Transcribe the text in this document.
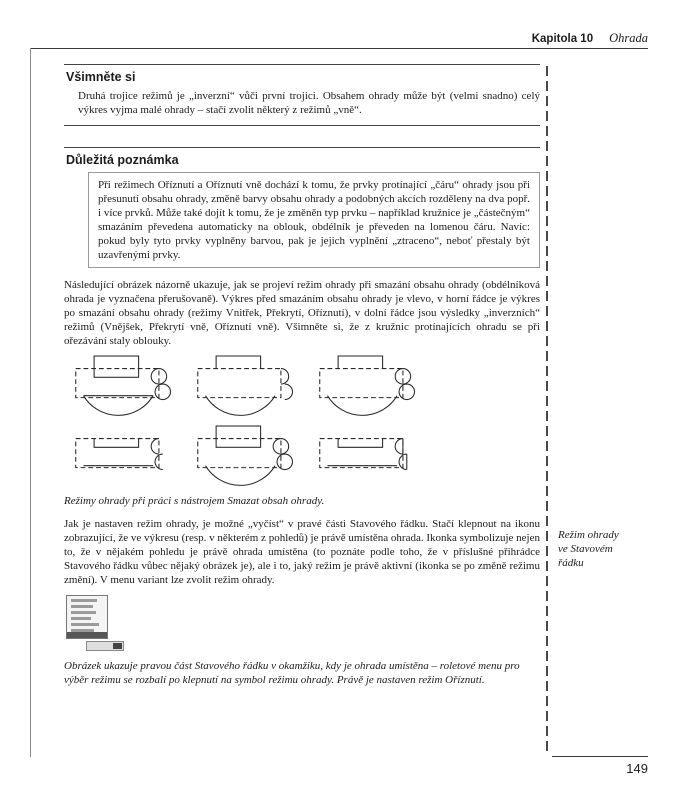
Kapitola 10 Ohrada
Všimněte si

Druhá trojice režimů je „inverzní“ vůči první trojici. Obsahem ohrady může být (velmi snadno) celý výkres vyjma malé ohrady – stačí zvolit některý z režimů „vně“.

Důležitá poznámka

Při režimech Oříznutí a Oříznutí vně dochází k tomu, že prvky protínající „čáru“ ohrady jsou při přesunutí obsahu ohrady, změně barvy obsahu ohrady a podobných akcích rozděleny na dva popř. i více prvků. Může také dojít k tomu, že je změněn typ prvku – například kružnice je „částečným“ smazáním převedena automaticky na oblouk, obdélník je převeden na lomenou čáru. Navíc: pokud byly tyto prvky vyplněny barvou, pak je jejich vyplnění „ztraceno“, neboť přestaly být uzavřenými prvky.

Následující obrázek názorně ukazuje, jak se projeví režim ohrady při smazání obsahu ohrady (obdélníková ohrada je vyznačena přerušovaně). Výkres před smazáním obsahu ohrady je vlevo, v horní řádce je výkres po smazání obsahu ohrady (režimy Vnitřek, Překrytí, Oříznutí), v dolní řádce jsou výsledky „inverzních“ režimů (Vnějšek, Překrytí vně, Oříznutí vně). Všimněte si, že z kružnic protínajících ohradu se při ořezávání staly oblouky.

Režimy ohrady při práci s nástrojem Smazat obsah ohrady.

Jak je nastaven režim ohrady, je možné „vyčíst“ v pravé části Stavového řádku. Stačí klepnout na ikonu zobrazující, že ve výkresu (resp. v některém z pohledů) je právě umístěna ohrada. Ikonka symbolizuje nejen to, že v nějakém pohledu je právě ohrada umístěna (to poznáte podle toho, že v příslušné přihrádce Stavového řádku vůbec nějaký obrázek je), ale i to, jaký režim je právě aktivní (ikonka se po změně režimu změní). V menu variant lze zvolit režim ohrady.

Obrázek ukazuje pravou část Stavového řádku v okamžiku, kdy je ohrada umístěna – roletové menu pro výběr režimu se rozbalí po klepnutí na symbol režimu ohrady. Právě je nastaven režim Oříznutí.

Režim ohrady
ve Stavovém
řádku
149
